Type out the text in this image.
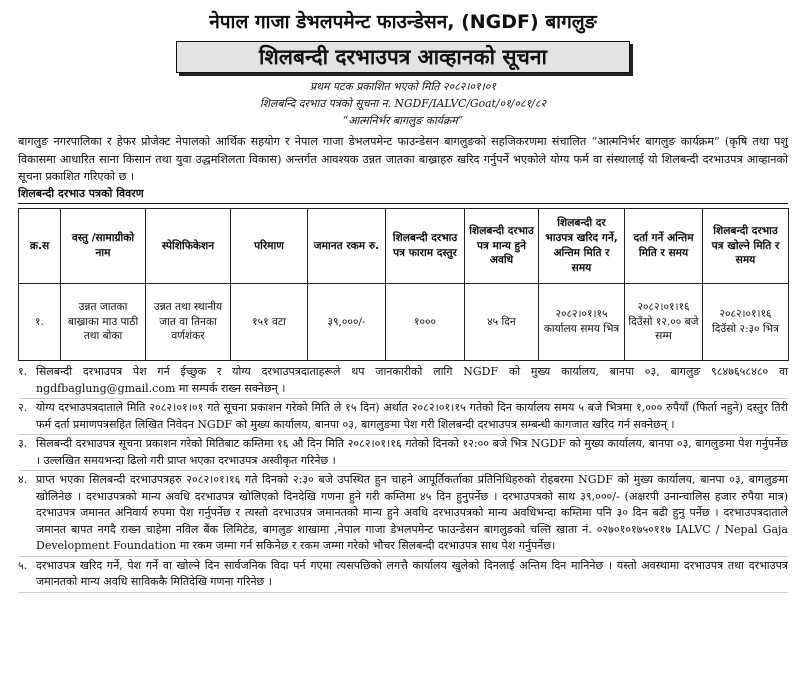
नेपाल गाजा डेभलपमेन्ट फाउन्डेसन, (NGDF) बागलुङ
शिलबन्दी दरभाउपत्र आव्हानको सूचना
प्रथम पटक प्रकाशित भएको मिति २०८२।०१।०१
शिलबन्दि दरभाउ पत्रको सूचना न. NGDF/IALVC/Goat/०१/०८१/८२
“आत्मनिर्भर बागलुङ कार्यक्रम”
बागलुङ नगरपालिका र हेफर प्रोजेक्ट नेपालको आर्थिक सहयोग र नेपाल गाजा डेभलपमेन्ट फाउन्डेसन बागलुङको सहजिकरणमा संचालित “आत्मनिर्भर बागलुङ कार्यक्रम” (कृषि तथा पशु विकासमा आधारित साना किसान तथा युवा उद्धमशिलता विकास) अन्तर्गत आवश्यक उन्नत जातका बाख्राहरु खरिद गर्नुपर्ने भएकोले योग्य फर्म वा संस्थालाई यो शिलबन्दी दरभाउपत्र आव्हानको सूचना प्रकाशित गरिएको छ ।
शिलबन्दी दरभाउ पत्रको विवरण
क्र.स	वस्तु /सामाग्रीको नाम	स्पेशिफिकेशन	परिमाण	जमानत रकम रु.	शिलबन्दी दरभाउ पत्र फाराम दस्तुर	शिलबन्दी दरभाउ पत्र मान्य हुने अवधि	शिलबन्दी दर भाउपत्र खरिद गर्ने, अन्तिम मिति र समय	दर्ता गर्ने अन्तिम मिति र समय	शिलबन्दी दरभाउ पत्र खोल्ने मिति र समय
१.	उन्नत जातका बाख्राका माउ पाठी तथा बोका	उन्नत तथा स्थानीय जात वा तिनका वर्णशंकर	१५१ वटा	३९,०००/-	१०००	४५ दिन	२०८२।०१।१५ कार्यालय समय भित्र	२०८२।०१।१६ दिउँसो १२.०० बजे सम्म	२०८२।०१।१६ दिउँसो २:३० भित्र
१. सिलबन्दी दरभाउपत्र पेश गर्न ईच्छुक र योग्य दरभाउपत्रदाताहरूले थप जानकारीको लागि NGDF को मुख्य कार्यालय, बानपा ०३, बागलुङ ९८४७६५८४८० वा ngdfbaglung@gmail.com मा सम्पर्क राख्न सक्नेछन् ।
२. योग्य दरभाउपत्रदाताले मिति २०८२।०१।०१ गते सूचना प्रकाशन गरेको मिति ले १५ दिन) अर्थात २०८२।०१।१५ गतेको दिन कार्यालय समय ५ बजे भित्रमा १,००० रुपैयाँ (फिर्ता नहुने) दस्तुर तिरी फर्म दर्ता प्रमाणपत्रसहित लिखित निवेदन NGDF को मुख्य कार्यालय, बानपा ०३, बागलुङमा पेश गरी शिलबन्दी दरभाउपत्र सम्बन्धी कागजात खरिद गर्न सक्नेछन् ।
३. सिलबन्दी दरभाउपत्र सूचना प्रकाशन गरेको मितिबाट कम्तिमा १६ औ दिन मिति २०८२।०१।१६ गतेको दिनको १२:०० बजे भित्र NGDF को मुख्य कार्यालय, बानपा ०३, बागलुङमा पेश गर्नुपर्नेछ । उल्लखित समयभन्दा ढिलो गरी प्राप्त भएका दरभाउपत्र अस्वीकृत गरिनेछ ।
४. प्राप्त भएका सिलबन्दी दरभाउपत्रहरु २०८२।०१।१६ गते दिनको २:३० बजे उपस्थित हुन चाहने आपूर्तिकर्ताका प्रतिनिधिहरुको रोहबरमा NGDF को मुख्य कार्यालय, बानपा ०३, बागलुङमा खोलिनेछ । दरभाउपत्रको मान्य अवधि दरभाउपत्र खोलिएको दिनदेखि गणना हुने गरी कम्तिमा ४५ दिन हुनुपर्नेछ । दरभाउपत्रको साथ ३९,०००/- (अक्षरपी उनान्चालिस हजार रुपैया मात्र) दरभाउपत्र जमानत अनिवार्य रुपमा पेश गर्नुपर्नेछ र त्यस्तो दरभाउपत्र जमानतको मान्य हुने अवधि दरभाउपत्रको मान्य अवधिभन्दा कम्तिमा पनि ३० दिन बढी हुनु पर्नेछ । दरभाउपत्रदाताले जमानत बापत नगदै राख्न चाहेमा नविल बैंक लिमिटेड, बागलुङ शाखामा ,नेपाल गाजा डेभलपमेन्ट फाउन्डेसन बागलुङको चल्ति खाता नं. ०२७०१०१७५०११७ IALVC / Nepal Gaja Development Foundation मा रकम जम्मा गर्न सकिनेछ र रकम जम्मा गरेको भौचर सिलबन्दी दरभाउपत्र साथ पेश गर्नुपर्नेछ।
५. दरभाउपत्र खरिद गर्ने, पेश गर्ने वा खोल्ने दिन सार्वजनिक विदा पर्न गएमा त्यसपछिको लगत्तै कार्यालय खुलेको दिनलाई अन्तिम दिन मानिनेछ । यस्तो अवस्थामा दरभाउपत्र तथा दरभाउपत्र जमानतको मान्य अवधि साविककै मितिदेखि गणना गरिनेछ ।
